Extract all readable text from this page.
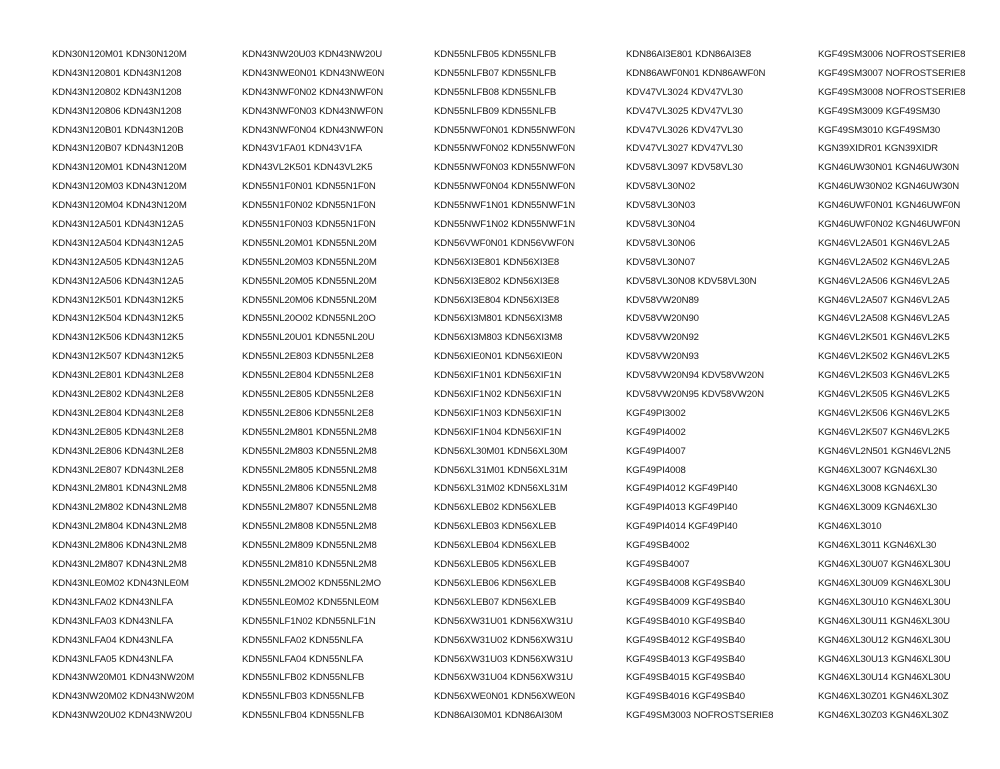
KDN30N120M01 KDN30N120M
KDN43N120801 KDN43N1208
KDN43N120802 KDN43N1208
KDN43N120806 KDN43N1208
KDN43N120B01 KDN43N120B
KDN43N120B07 KDN43N120B
KDN43N120M01 KDN43N120M
KDN43N120M03 KDN43N120M
KDN43N120M04 KDN43N120M
KDN43N12A501 KDN43N12A5
KDN43N12A504 KDN43N12A5
KDN43N12A505 KDN43N12A5
KDN43N12A506 KDN43N12A5
KDN43N12K501 KDN43N12K5
KDN43N12K504 KDN43N12K5
KDN43N12K506 KDN43N12K5
KDN43N12K507 KDN43N12K5
KDN43NL2E801 KDN43NL2E8
KDN43NL2E802 KDN43NL2E8
KDN43NL2E804 KDN43NL2E8
KDN43NL2E805 KDN43NL2E8
KDN43NL2E806 KDN43NL2E8
KDN43NL2E807 KDN43NL2E8
KDN43NL2M801 KDN43NL2M8
KDN43NL2M802 KDN43NL2M8
KDN43NL2M804 KDN43NL2M8
KDN43NL2M806 KDN43NL2M8
KDN43NL2M807 KDN43NL2M8
KDN43NLE0M02 KDN43NLE0M
KDN43NLFA02 KDN43NLFA
KDN43NLFA03 KDN43NLFA
KDN43NLFA04 KDN43NLFA
KDN43NLFA05 KDN43NLFA
KDN43NW20M01 KDN43NW20M
KDN43NW20M02 KDN43NW20M
KDN43NW20U02 KDN43NW20U
KDN43NW20U03 KDN43NW20U
KDN43NWE0N01 KDN43NWE0N
KDN43NWF0N02 KDN43NWF0N
KDN43NWF0N03 KDN43NWF0N
KDN43NWF0N04 KDN43NWF0N
KDN43V1FA01 KDN43V1FA
KDN43VL2K501 KDN43VL2K5
KDN55N1F0N01 KDN55N1F0N
KDN55N1F0N02 KDN55N1F0N
KDN55N1F0N03 KDN55N1F0N
KDN55NL20M01 KDN55NL20M
KDN55NL20M03 KDN55NL20M
KDN55NL20M05 KDN55NL20M
KDN55NL20M06 KDN55NL20M
KDN55NL20O02 KDN55NL20O
KDN55NL20U01 KDN55NL20U
KDN55NL2E803 KDN55NL2E8
KDN55NL2E804 KDN55NL2E8
KDN55NL2E805 KDN55NL2E8
KDN55NL2E806 KDN55NL2E8
KDN55NL2M801 KDN55NL2M8
KDN55NL2M803 KDN55NL2M8
KDN55NL2M805 KDN55NL2M8
KDN55NL2M806 KDN55NL2M8
KDN55NL2M807 KDN55NL2M8
KDN55NL2M808 KDN55NL2M8
KDN55NL2M809 KDN55NL2M8
KDN55NL2M810 KDN55NL2M8
KDN55NL2MO02 KDN55NL2MO
KDN55NLE0M02 KDN55NLE0M
KDN55NLF1N02 KDN55NLF1N
KDN55NLFA02 KDN55NLFA
KDN55NLFA04 KDN55NLFA
KDN55NLFB02 KDN55NLFB
KDN55NLFB03 KDN55NLFB
KDN55NLFB04 KDN55NLFB
KDN55NLFB05 KDN55NLFB
KDN55NLFB07 KDN55NLFB
KDN55NLFB08 KDN55NLFB
KDN55NLFB09 KDN55NLFB
KDN55NWF0N01 KDN55NWF0N
KDN55NWF0N02 KDN55NWF0N
KDN55NWF0N03 KDN55NWF0N
KDN55NWF0N04 KDN55NWF0N
KDN55NWF1N01 KDN55NWF1N
KDN55NWF1N02 KDN55NWF1N
KDN56VWF0N01 KDN56VWF0N
KDN56XI3E801 KDN56XI3E8
KDN56XI3E802 KDN56XI3E8
KDN56XI3E804 KDN56XI3E8
KDN56XI3M801 KDN56XI3M8
KDN56XI3M803 KDN56XI3M8
KDN56XIE0N01 KDN56XIE0N
KDN56XIF1N01 KDN56XIF1N
KDN56XIF1N02 KDN56XIF1N
KDN56XIF1N03 KDN56XIF1N
KDN56XIF1N04 KDN56XIF1N
KDN56XL30M01 KDN56XL30M
KDN56XL31M01 KDN56XL31M
KDN56XL31M02 KDN56XL31M
KDN56XLEB02 KDN56XLEB
KDN56XLEB03 KDN56XLEB
KDN56XLEB04 KDN56XLEB
KDN56XLEB05 KDN56XLEB
KDN56XLEB06 KDN56XLEB
KDN56XLEB07 KDN56XLEB
KDN56XW31U01 KDN56XW31U
KDN56XW31U02 KDN56XW31U
KDN56XW31U03 KDN56XW31U
KDN56XW31U04 KDN56XW31U
KDN56XWE0N01 KDN56XWE0N
KDN86AI30M01 KDN86AI30M
KDN86AI3E801 KDN86AI3E8
KDN86AWF0N01 KDN86AWF0N
KDV47VL3024 KDV47VL30
KDV47VL3025 KDV47VL30
KDV47VL3026 KDV47VL30
KDV47VL3027 KDV47VL30
KDV58VL3097 KDV58VL30
KDV58VL30N02
KDV58VL30N03
KDV58VL30N04
KDV58VL30N06
KDV58VL30N07
KDV58VL30N08 KDV58VL30N
KDV58VW20N89
KDV58VW20N90
KDV58VW20N92
KDV58VW20N93
KDV58VW20N94 KDV58VW20N
KDV58VW20N95 KDV58VW20N
KGF49PI3002
KGF49PI4002
KGF49PI4007
KGF49PI4008
KGF49PI4012 KGF49PI40
KGF49PI4013 KGF49PI40
KGF49PI4014 KGF49PI40
KGF49SB4002
KGF49SB4007
KGF49SB4008 KGF49SB40
KGF49SB4009 KGF49SB40
KGF49SB4010 KGF49SB40
KGF49SB4012 KGF49SB40
KGF49SB4013 KGF49SB40
KGF49SB4015 KGF49SB40
KGF49SB4016 KGF49SB40
KGF49SM3003 NOFROSTSERIE8
KGF49SM3006 NOFROSTSERIE8
KGF49SM3007 NOFROSTSERIE8
KGF49SM3008 NOFROSTSERIE8
KGF49SM3009 KGF49SM30
KGF49SM3010 KGF49SM30
KGN39XIDR01 KGN39XIDR
KGN46UW30N01 KGN46UW30N
KGN46UW30N02 KGN46UW30N
KGN46UWF0N01 KGN46UWF0N
KGN46UWF0N02 KGN46UWF0N
KGN46VL2A501 KGN46VL2A5
KGN46VL2A502 KGN46VL2A5
KGN46VL2A506 KGN46VL2A5
KGN46VL2A507 KGN46VL2A5
KGN46VL2A508 KGN46VL2A5
KGN46VL2K501 KGN46VL2K5
KGN46VL2K502 KGN46VL2K5
KGN46VL2K503 KGN46VL2K5
KGN46VL2K505 KGN46VL2K5
KGN46VL2K506 KGN46VL2K5
KGN46VL2K507 KGN46VL2K5
KGN46VL2N501 KGN46VL2N5
KGN46XL3007 KGN46XL30
KGN46XL3008 KGN46XL30
KGN46XL3009 KGN46XL30
KGN46XL3010
KGN46XL3011 KGN46XL30
KGN46XL30U07 KGN46XL30U
KGN46XL30U09 KGN46XL30U
KGN46XL30U10 KGN46XL30U
KGN46XL30U11 KGN46XL30U
KGN46XL30U12 KGN46XL30U
KGN46XL30U13 KGN46XL30U
KGN46XL30U14 KGN46XL30U
KGN46XL30Z01 KGN46XL30Z
KGN46XL30Z03 KGN46XL30Z
